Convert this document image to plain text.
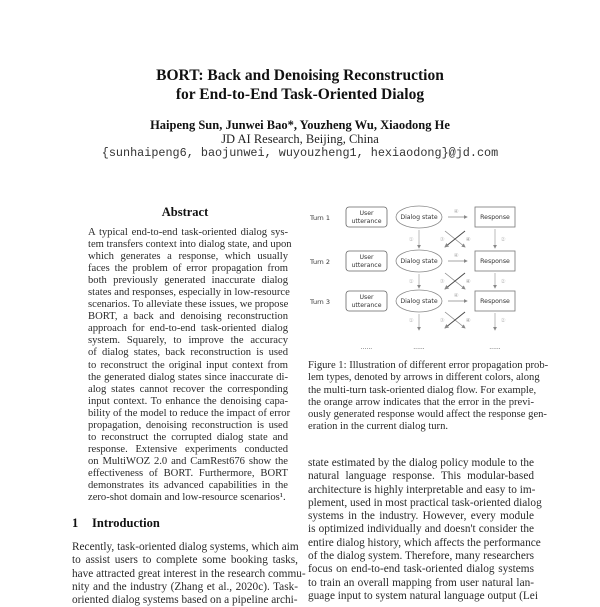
BORT: Back and Denoising Reconstruction
for End-to-End Task-Oriented Dialog
Haipeng Sun, Junwei Bao*, Youzheng Wu, Xiaodong He
JD AI Research, Beijing, China
{sunhaipeng6, baojunwei, wuyouzheng1, hexiaodong}@jd.com
Abstract
A typical end-to-end task-oriented dialog sys-
tem transfers context into dialog state, and upon
which generates a response, which usually
faces the problem of error propagation from
both previously generated inaccurate dialog
states and responses, especially in low-resource
scenarios. To alleviate these issues, we propose
BORT, a back and denoising reconstruction
approach for end-to-end task-oriented dialog
system. Squarely, to improve the accuracy
of dialog states, back reconstruction is used
to reconstruct the original input context from
the generated dialog states since inaccurate di-
alog states cannot recover the corresponding
input context. To enhance the denoising capa-
bility of the model to reduce the impact of error
propagation, denoising reconstruction is used
to reconstruct the corrupted dialog state and
response. Extensive experiments conducted
on MultiWOZ 2.0 and CamRest676 show the
effectiveness of BORT. Furthermore, BORT
demonstrates its advanced capabilities in the
zero-shot domain and low-resource scenarios¹.
1 Introduction
Recently, task-oriented dialog systems, which aim
to assist users to complete some booking tasks,
have attracted great interest in the research commu-
nity and the industry (Zhang et al., 2020c). Task-
oriented dialog systems based on a pipeline archi-
Turn 1
User
utterance
Dialog state
④
Response
①	②
③	④
Turn 2
User
utterance
Dialog state
④
Response
①	②
③	④
Turn 3
User
utterance
Dialog state
④
Response
①	②
③	④
......	......	......
Figure 1: Illustration of different error propagation prob-
lem types, denoted by arrows in different colors, along
the multi-turn task-oriented dialog flow. For example,
the orange arrow indicates that the error in the previ-
ously generated response would affect the response gen-
eration in the current dialog turn.
state estimated by the dialog policy module to the
natural language response. This modular-based
architecture is highly interpretable and easy to im-
plement, used in most practical task-oriented dialog
systems in the industry. However, every module
is optimized individually and doesn't consider the
entire dialog history, which affects the performance
of the dialog system. Therefore, many researchers
focus on end-to-end task-oriented dialog systems
to train an overall mapping from user natural lan-
guage input to system natural language output (Lei
